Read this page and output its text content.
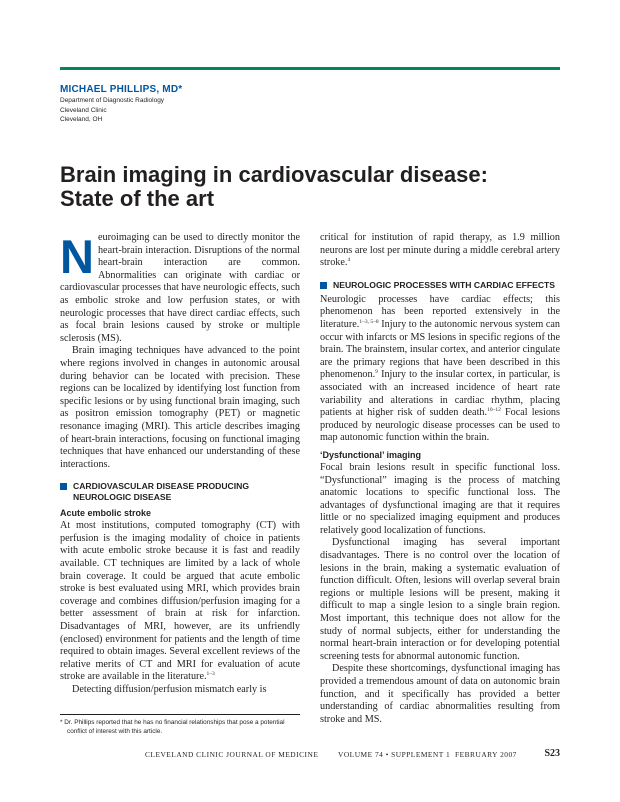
MICHAEL PHILLIPS, MD*
Department of Diagnostic Radiology
Cleveland Clinic
Cleveland, OH
Brain imaging in cardiovascular disease:
State of the art

Neuroimaging can be used to directly monitor the heart-brain interaction. Disruptions of the normal heart-brain interaction are common. Abnormalities can originate with cardiac or cardiovascular processes that have neurologic effects, such as embolic stroke and low perfusion states, or with neurologic processes that have direct cardiac effects, such as focal brain lesions caused by stroke or multiple sclerosis (MS).

Brain imaging techniques have advanced to the point where regions involved in changes in autonomic arousal during behavior can be located with precision. These regions can be localized by identifying lost function from specific lesions or by using functional brain imaging, such as positron emission tomography (PET) or magnetic resonance imaging (MRI). This article describes imaging of heart-brain interactions, focusing on functional imaging techniques that have enhanced our understanding of these interactions.

CARDIOVASCULAR DISEASE PRODUCING NEUROLOGIC DISEASE
Acute embolic stroke

At most institutions, computed tomography (CT) with perfusion is the imaging modality of choice in patients with acute embolic stroke because it is fast and readily available. CT techniques are limited by a lack of whole brain coverage. It could be argued that acute embolic stroke is best evaluated using MRI, which provides brain coverage and combines diffusion/perfusion imaging for a better assessment of brain at risk for infarction. Disadvantages of MRI, however, are its unfriendly (enclosed) environment for patients and the length of time required to obtain images. Several excellent reviews of the relative merits of CT and MRI for evaluation of acute stroke are available in the literature.$^{1-3}$

Detecting diffusion/perfusion mismatch early is

critical for institution of rapid therapy, as 1.9 million neurons are lost per minute during a middle cerebral artery stroke.$^4$

NEUROLOGIC PROCESSES WITH CARDIAC EFFECTS

Neurologic processes have cardiac effects; this phenomenon has been reported extensively in the literature.$^{1-3, 5-8}$ Injury to the autonomic nervous system can occur with infarcts or MS lesions in specific regions of the brain. The brainstem, insular cortex, and anterior cingulate are the primary regions that have been described in this phenomenon.$^9$ Injury to the insular cortex, in particular, is associated with an increased incidence of heart rate variability and alterations in cardiac rhythm, placing patients at higher risk of sudden death.$^{10-12}$ Focal lesions produced by neurologic disease processes can be used to map autonomic function within the brain.

‘Dysfunctional’ imaging

Focal brain lesions result in specific functional loss. “Dysfunctional” imaging is the process of matching anatomic locations to specific functional loss. The advantages of dysfunctional imaging are that it requires little or no specialized imaging equipment and produces relatively good localization of functions.

Dysfunctional imaging has several important disadvantages. There is no control over the location of lesions in the brain, making a systematic evaluation of function difficult. Often, lesions will overlap several brain regions or multiple lesions will be present, making it difficult to map a single lesion to a single brain region. Most important, this technique does not allow for the study of normal subjects, either for understanding the normal heart-brain interaction or for developing potential screening tests for abnormal autonomic function.

Despite these shortcomings, dysfunctional imaging has provided a tremendous amount of data on autonomic brain function, and it specifically has provided a better understanding of cardiac abnormalities resulting from stroke and MS.

* Dr. Phillips reported that he has no financial relationships that pose a potential conflict of interest with this article.
CLEVELAND CLINIC JOURNAL OF MEDICINE	VOLUME 74 • SUPPLEMENT 1 FEBRUARY 2007	S23
